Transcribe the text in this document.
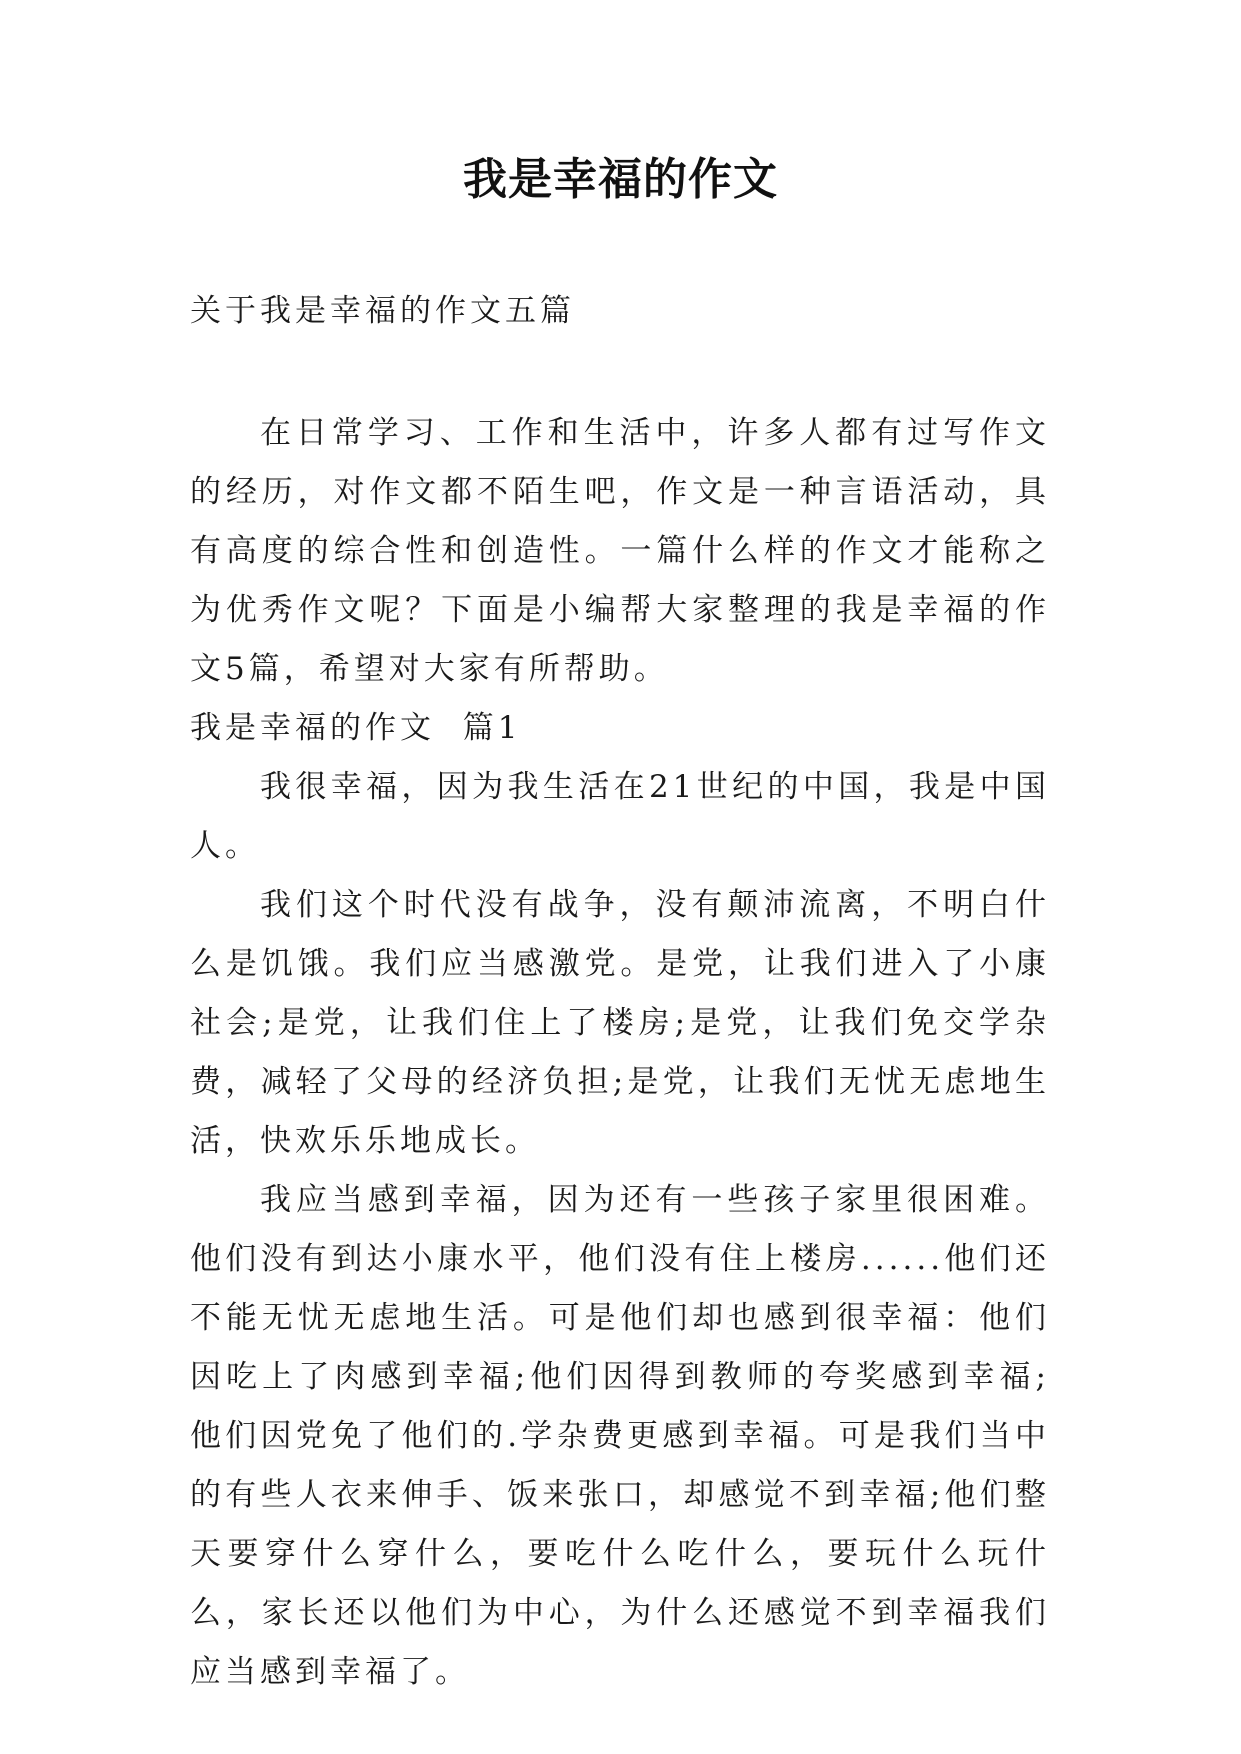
我是幸福的作文

关于我是幸福的作文五篇

在日常学习、工作和生活中，许多人都有过写作文的经历，对作文都不陌生吧，作文是一种言语活动，具有高度的综合性和创造性。一篇什么样的作文才能称之为优秀作文呢？下面是小编帮大家整理的我是幸福的作文5篇，希望对大家有所帮助。

我是幸福的作文  篇1

我很幸福，因为我生活在21世纪的中国，我是中国人。

我们这个时代没有战争，没有颠沛流离，不明白什么是饥饿。我们应当感激党。是党，让我们进入了小康社会;是党，让我们住上了楼房;是党，让我们免交学杂费，减轻了父母的经济负担;是党，让我们无忧无虑地生活，快欢乐乐地成长。

我应当感到幸福，因为还有一些孩子家里很困难。他们没有到达小康水平，他们没有住上楼房......他们还不能无忧无虑地生活。可是他们却也感到很幸福：他们因吃上了肉感到幸福;他们因得到教师的夸奖感到幸福;他们因党免了他们的.学杂费更感到幸福。可是我们当中的有些人衣来伸手、饭来张口，却感觉不到幸福;他们整天要穿什么穿什么，要吃什么吃什么，要玩什么玩什么，家长还以他们为中心，为什么还感觉不到幸福我们应当感到幸福了。
